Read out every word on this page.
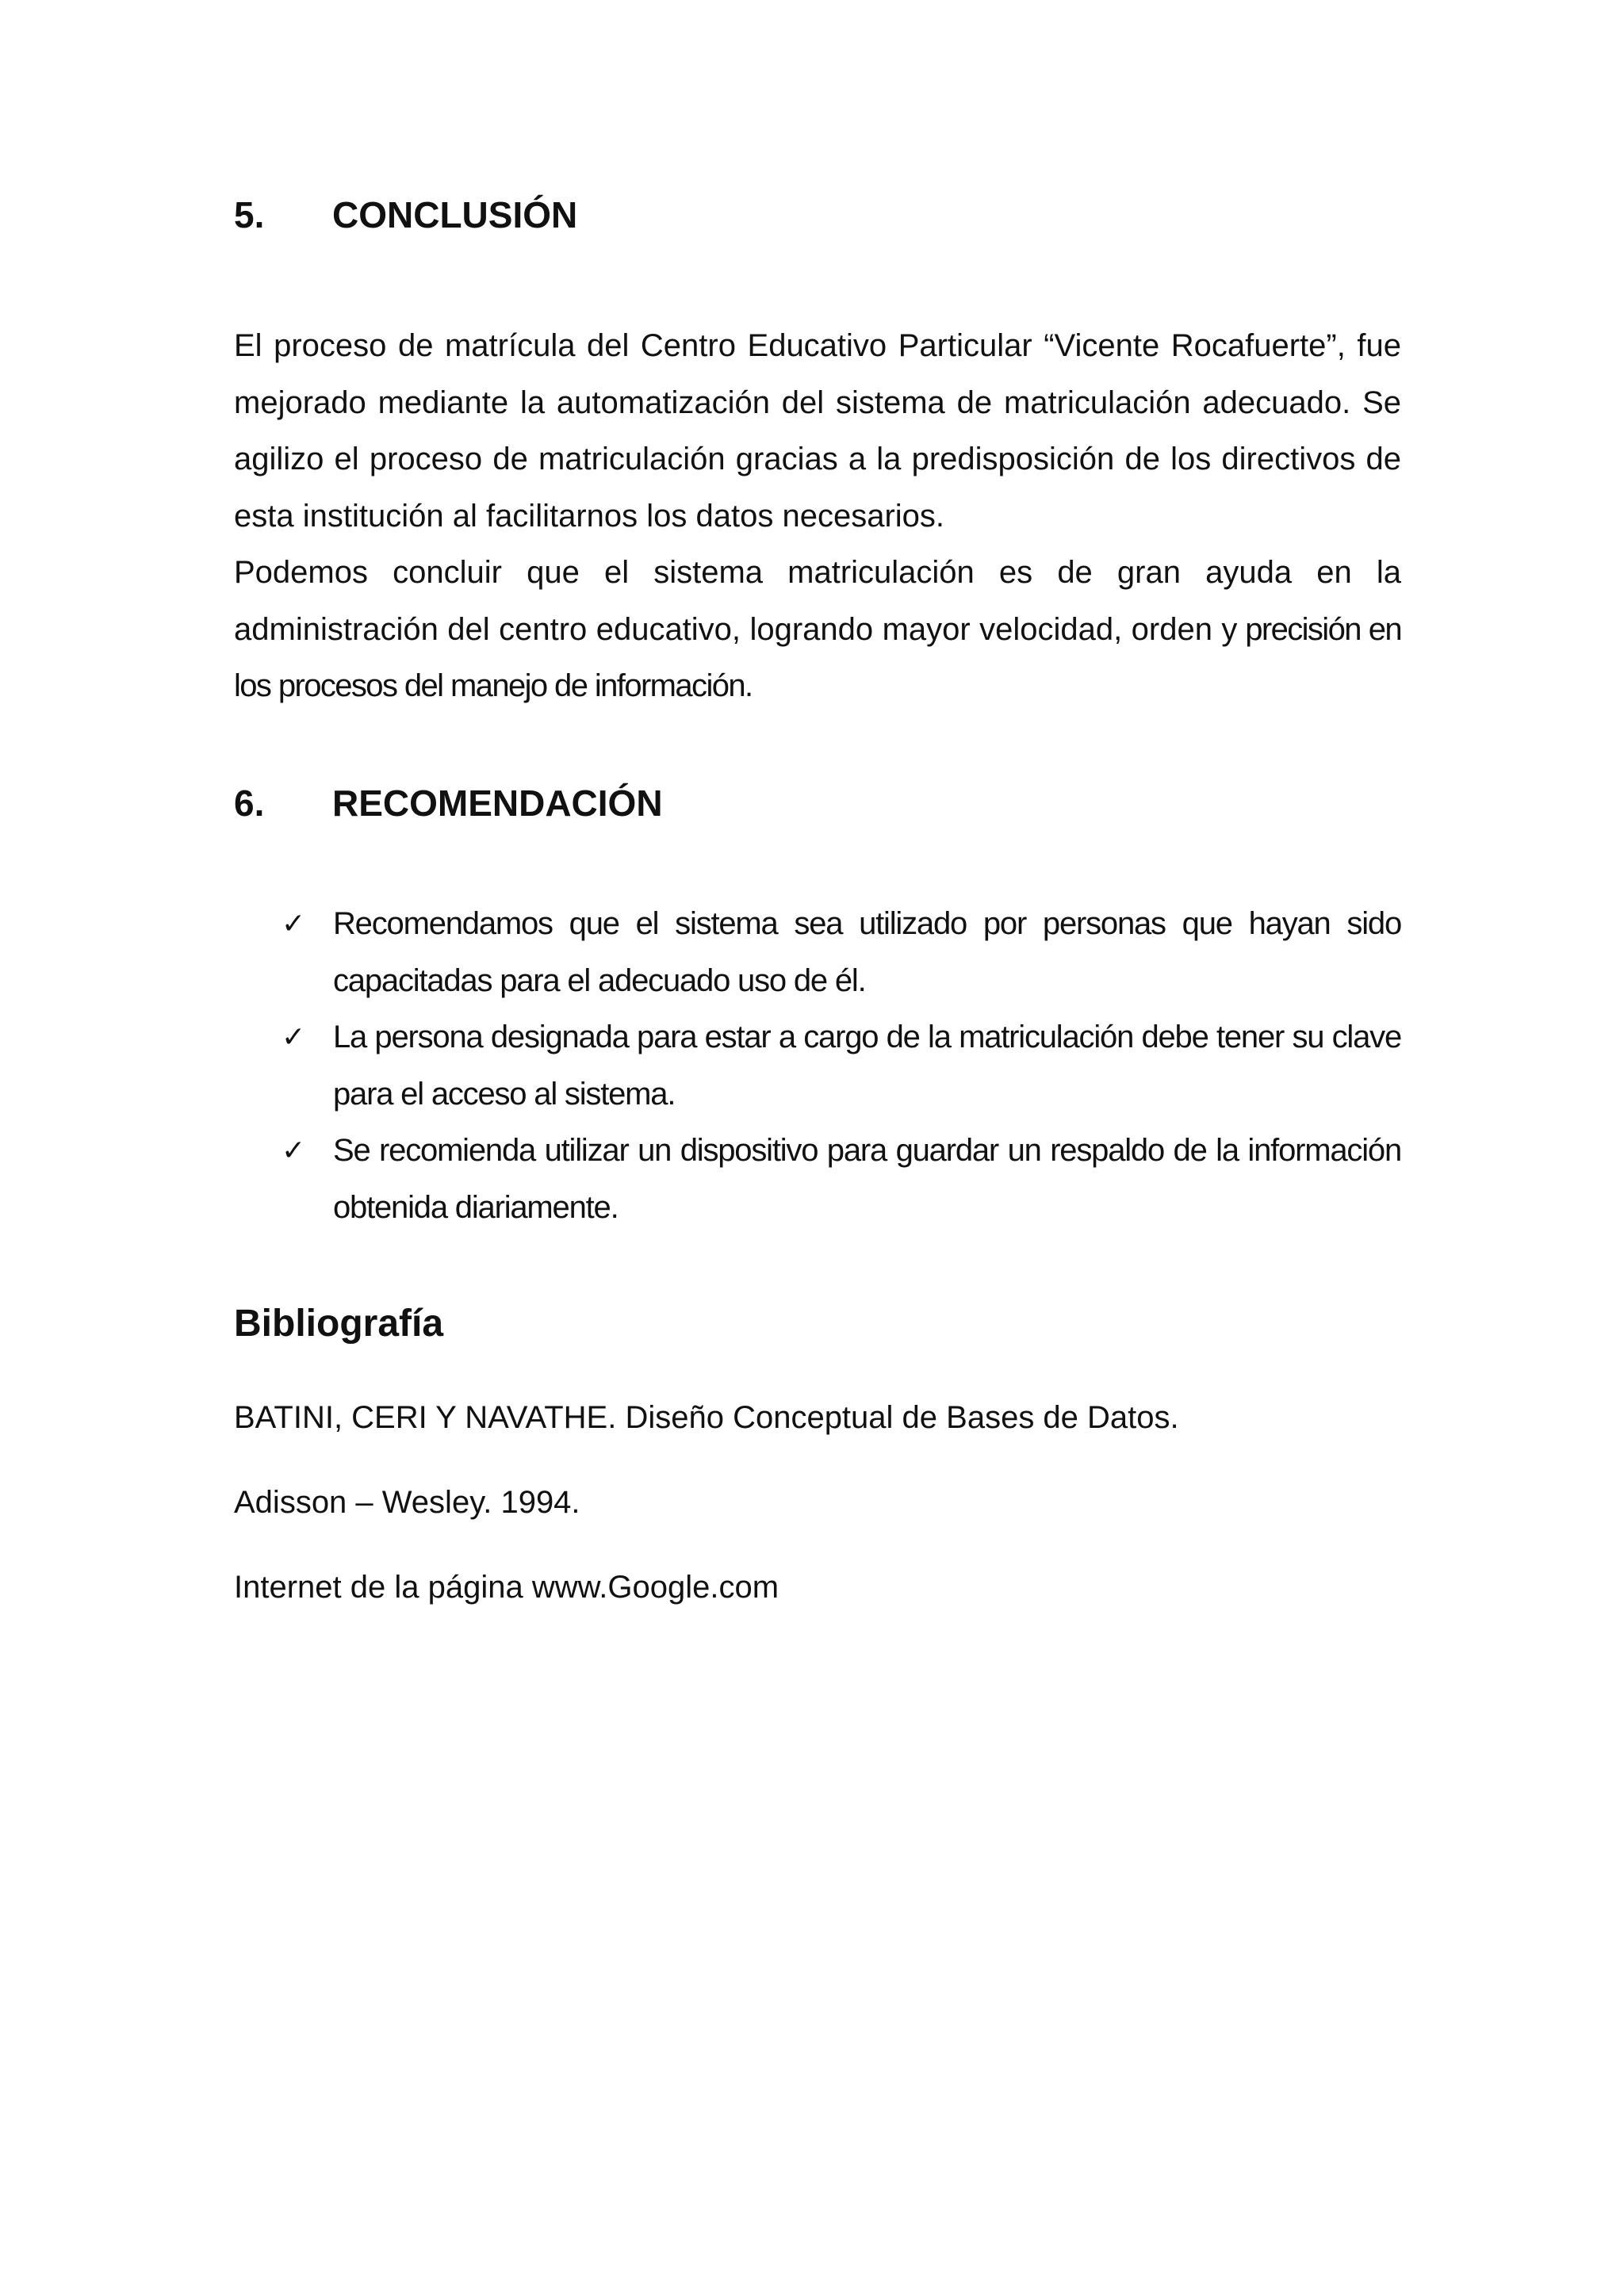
5. CONCLUSIÓN

El proceso de matrícula del Centro Educativo Particular “Vicente Rocafuerte”, fue mejorado mediante la automatización del sistema de matriculación adecuado. Se agilizo el proceso de matriculación gracias a la predisposición de los directivos de esta institución al facilitarnos los datos necesarios.

Podemos concluir que el sistema matriculación es de gran ayuda en la administración del centro educativo, logrando mayor velocidad, orden y precisión en los procesos del manejo de información.

6. RECOMENDACIÓN
✓ Recomendamos que el sistema sea utilizado por personas que hayan sido capacitadas para el adecuado uso de él.
✓ La persona designada para estar a cargo de la matriculación debe tener su clave para el acceso al sistema.
✓ Se recomienda utilizar un dispositivo para guardar un respaldo de la información obtenida diariamente.
Bibliografía
BATINI, CERI Y NAVATHE. Diseño Conceptual de Bases de Datos.
Adisson – Wesley. 1994.
Internet de la página www.Google.com
